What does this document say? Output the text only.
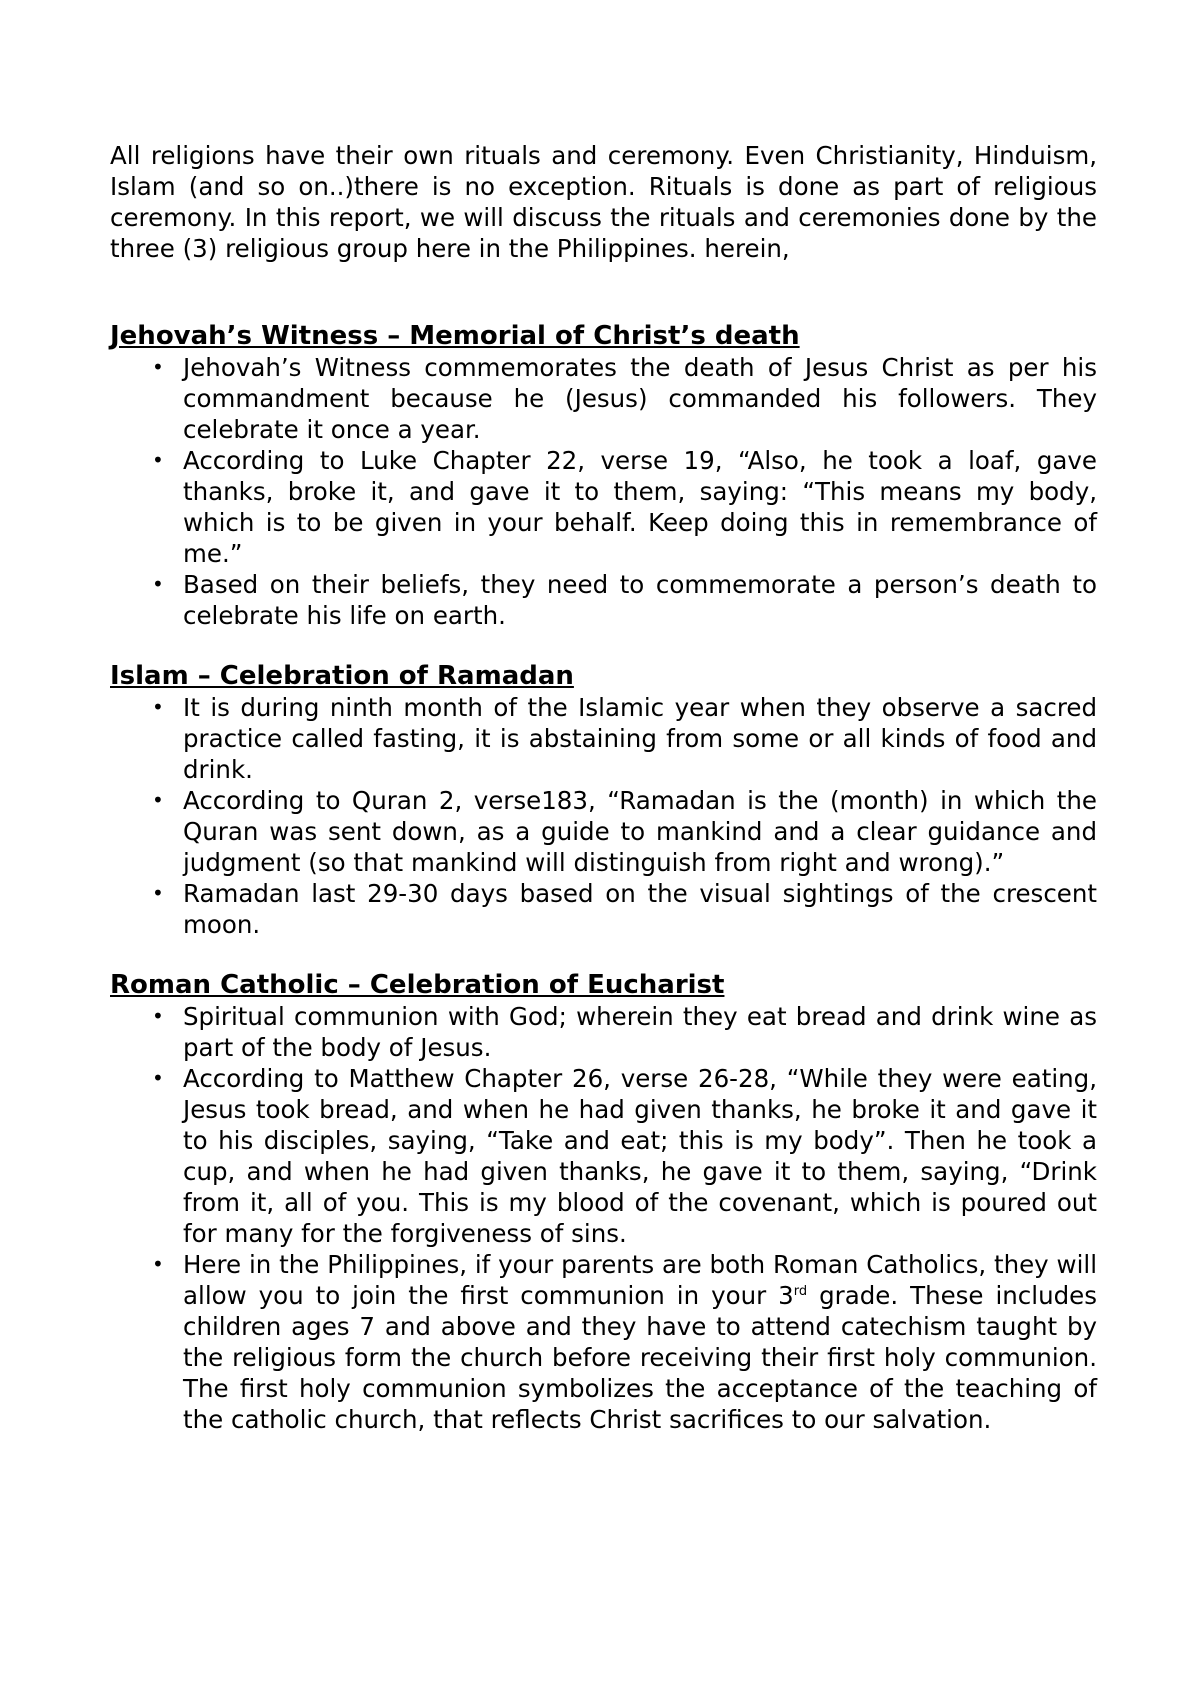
All religions have their own rituals and ceremony. Even Christianity, Hinduism, Islam (and so on..)there is no exception. Rituals is done as part of religious ceremony. In this report, we will discuss the rituals and ceremonies done by the three (3) religious group here in the Philippines. herein,

Jehovah’s Witness – Memorial of Christ’s death
• Jehovah’s Witness commemorates the death of Jesus Christ as per his commandment because he (Jesus) commanded his followers. They celebrate it once a year.
• According to Luke Chapter 22, verse 19, “Also, he took a loaf, gave thanks, broke it, and gave it to them, saying: “This means my body, which is to be given in your behalf. Keep doing this in remembrance of me.”
• Based on their beliefs, they need to commemorate a person’s death to celebrate his life on earth.
Islam – Celebration of Ramadan
• It is during ninth month of the Islamic year when they observe a sacred practice called fasting, it is abstaining from some or all kinds of food and drink.
• According to Quran 2, verse183, “Ramadan is the (month) in which the Quran was sent down, as a guide to mankind and a clear guidance and judgment (so that mankind will distinguish from right and wrong).”
• Ramadan last 29-30 days based on the visual sightings of the crescent moon.
Roman Catholic – Celebration of Eucharist
• Spiritual communion with God; wherein they eat bread and drink wine as part of the body of Jesus.
• According to Matthew Chapter 26, verse 26-28, “While they were eating, Jesus took bread, and when he had given thanks, he broke it and gave it to his disciples, saying, “Take and eat; this is my body”. Then he took a cup, and when he had given thanks, he gave it to them, saying, “Drink from it, all of you. This is my blood of the covenant, which is poured out for many for the forgiveness of sins.
• Here in the Philippines, if your parents are both Roman Catholics, they will allow you to join the first communion in your 3rd grade. These includes children ages 7 and above and they have to attend catechism taught by the religious form the church before receiving their first holy communion. The first holy communion symbolizes the acceptance of the teaching of the catholic church, that reflects Christ sacrifices to our salvation.
